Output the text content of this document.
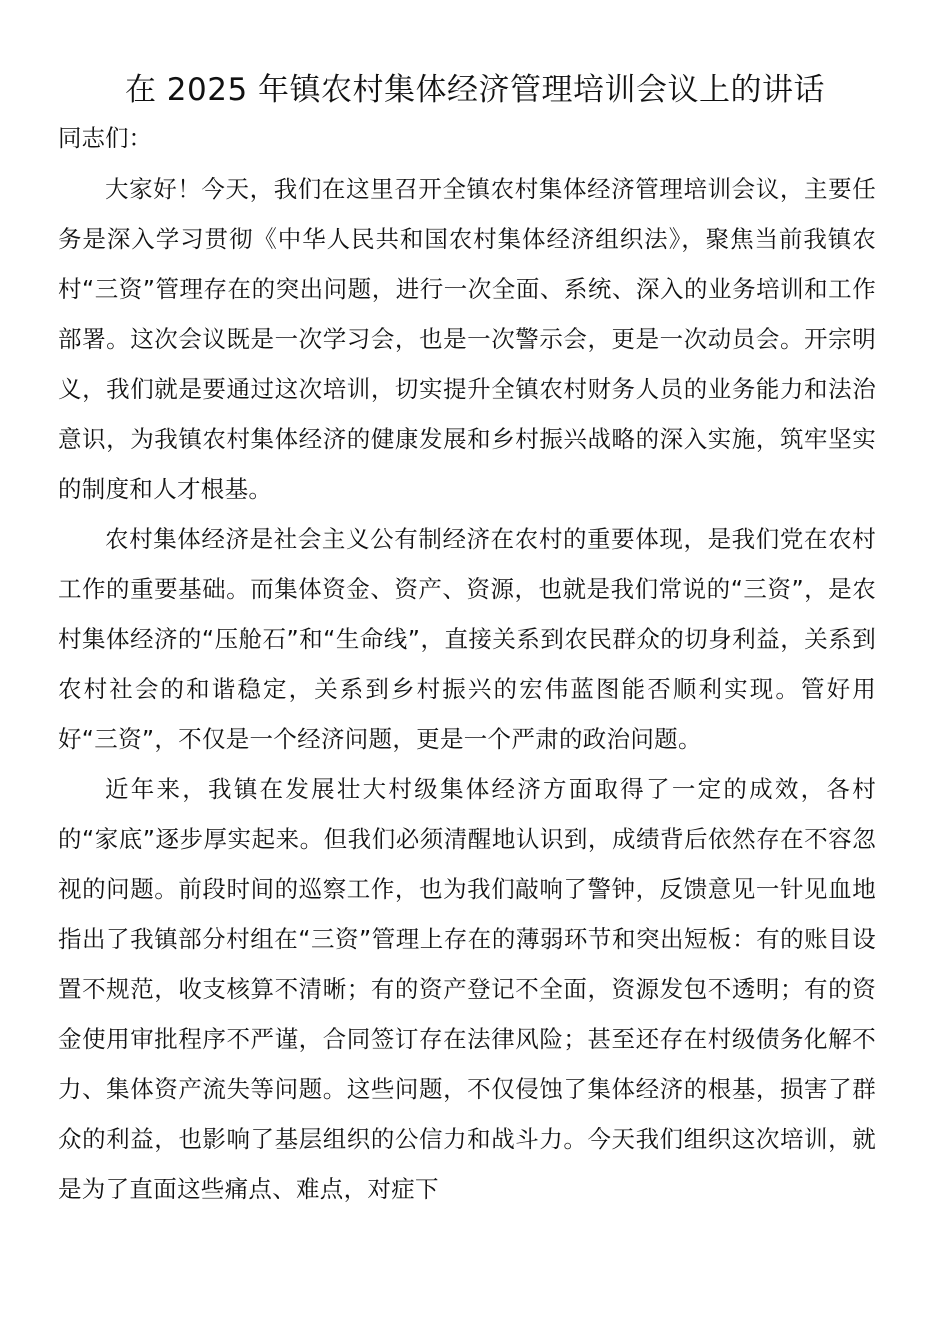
在 2025 年镇农村集体经济管理培训会议上的讲话

同志们：

大家好！今天，我们在这里召开全镇农村集体经济管理培训会议，主要任务是深入学习贯彻《中华人民共和国农村集体经济组织法》，聚焦当前我镇农村“三资”管理存在的突出问题，进行一次全面、系统、深入的业务培训和工作部署。这次会议既是一次学习会，也是一次警示会，更是一次动员会。开宗明义，我们就是要通过这次培训，切实提升全镇农村财务人员的业务能力和法治意识，为我镇农村集体经济的健康发展和乡村振兴战略的深入实施，筑牢坚实的制度和人才根基。

农村集体经济是社会主义公有制经济在农村的重要体现，是我们党在农村工作的重要基础。而集体资金、资产、资源，也就是我们常说的“三资”，是农村集体经济的“压舱石”和“生命线”，直接关系到农民群众的切身利益，关系到农村社会的和谐稳定，关系到乡村振兴的宏伟蓝图能否顺利实现。管好用好“三资”，不仅是一个经济问题，更是一个严肃的政治问题。

近年来，我镇在发展壮大村级集体经济方面取得了一定的成效，各村的“家底”逐步厚实起来。但我们必须清醒地认识到，成绩背后依然存在不容忽视的问题。前段时间的巡察工作，也为我们敲响了警钟，反馈意见一针见血地指出了我镇部分村组在“三资”管理上存在的薄弱环节和突出短板：有的账目设置不规范，收支核算不清晰；有的资产登记不全面，资源发包不透明；有的资金使用审批程序不严谨，合同签订存在法律风险；甚至还存在村级债务化解不力、集体资产流失等问题。这些问题，不仅侵蚀了集体经济的根基，损害了群众的利益，也影响了基层组织的公信力和战斗力。今天我们组织这次培训，就是为了直面这些痛点、难点，对症下
